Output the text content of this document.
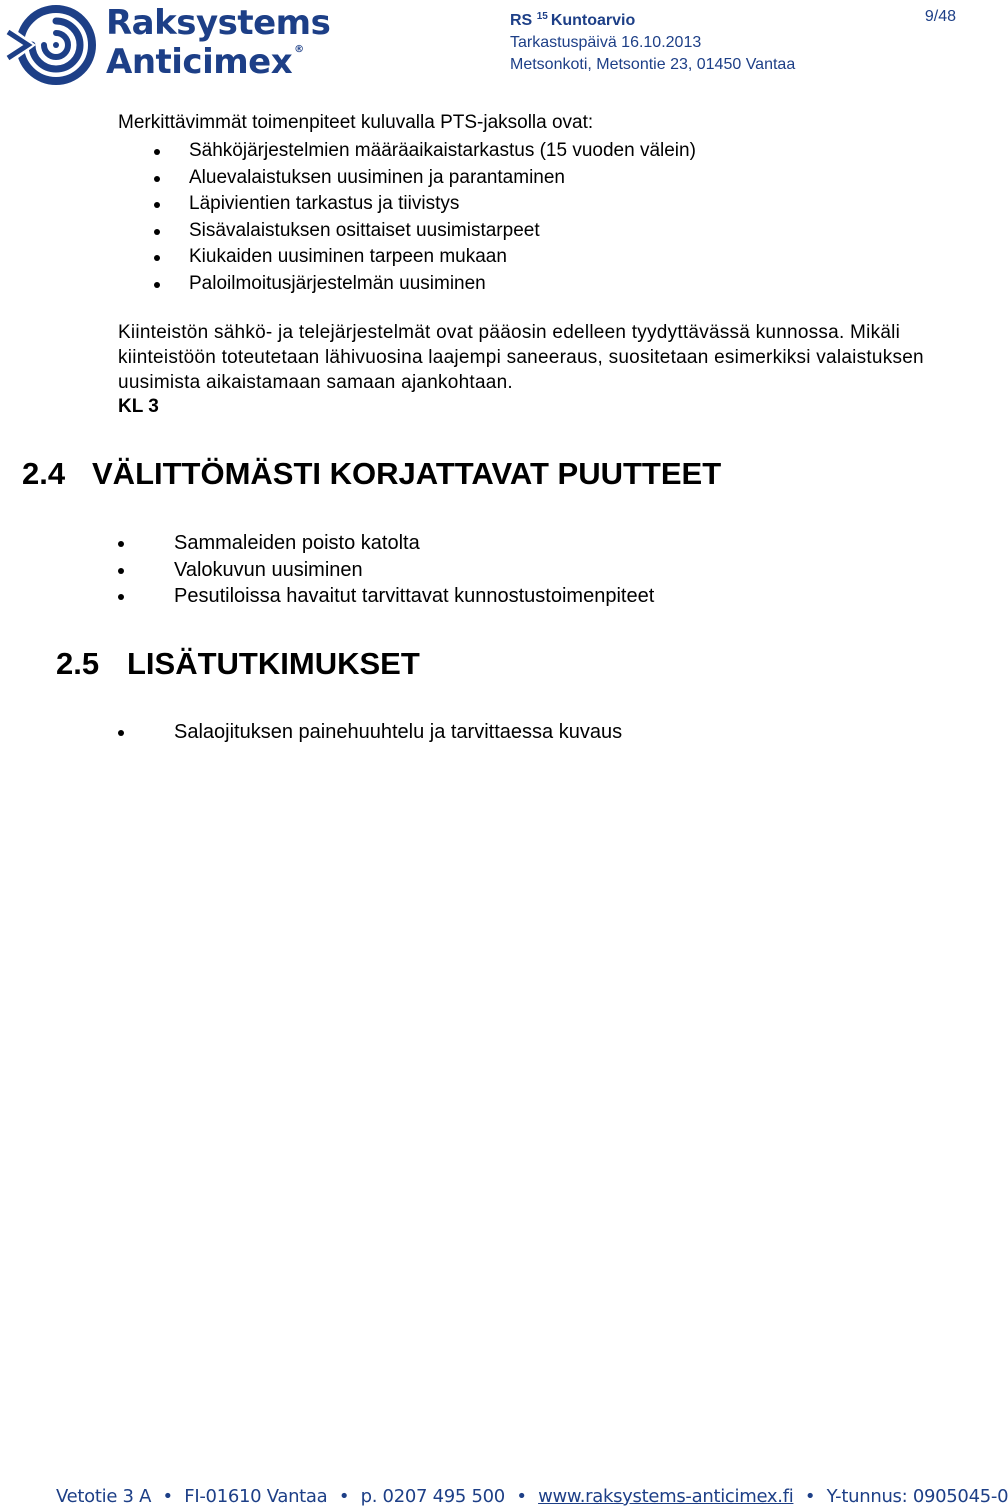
Raksystems
Anticimex ®
RS $^{15}$ Kuntoarvio
Tarkastuspäivä 16.10.2013
Metsonkoti, Metsontie 23, 01450 Vantaa
9/48
Merkittävimmät toimenpiteet kuluvalla PTS-jaksolla ovat:
Sähköjärjestelmien määräaikaistarkastus (15 vuoden välein)
Aluevalaistuksen uusiminen ja parantaminen
Läpivientien tarkastus ja tiivistys
Sisävalaistuksen osittaiset uusimistarpeet
Kiukaiden uusiminen tarpeen mukaan
Paloilmoitusjärjestelmän uusiminen
Kiinteistön sähkö- ja telejärjestelmät ovat pääosin edelleen tyydyttävässä kunnossa. Mikäli kiinteistöön toteutetaan lähivuosina laajempi saneeraus, suositetaan esimerkiksi valaistuksen uusimista aikaistamaan samaan ajankohtaan.
KL 3
2.4 VÄLITTÖMÄSTI KORJATTAVAT PUUTTEET
Sammaleiden poisto katolta
Valokuvun uusiminen
Pesutiloissa havaitut tarvittavat kunnostustoimenpiteet
2.5 LISÄTUTKIMUKSET
Salaojituksen painehuuhtelu ja tarvittaessa kuvaus
Vetotie 3 A • FI-01610 Vantaa • p. 0207 495 500 • www.raksystems-anticimex.fi • Y-tunnus: 0905045-0
